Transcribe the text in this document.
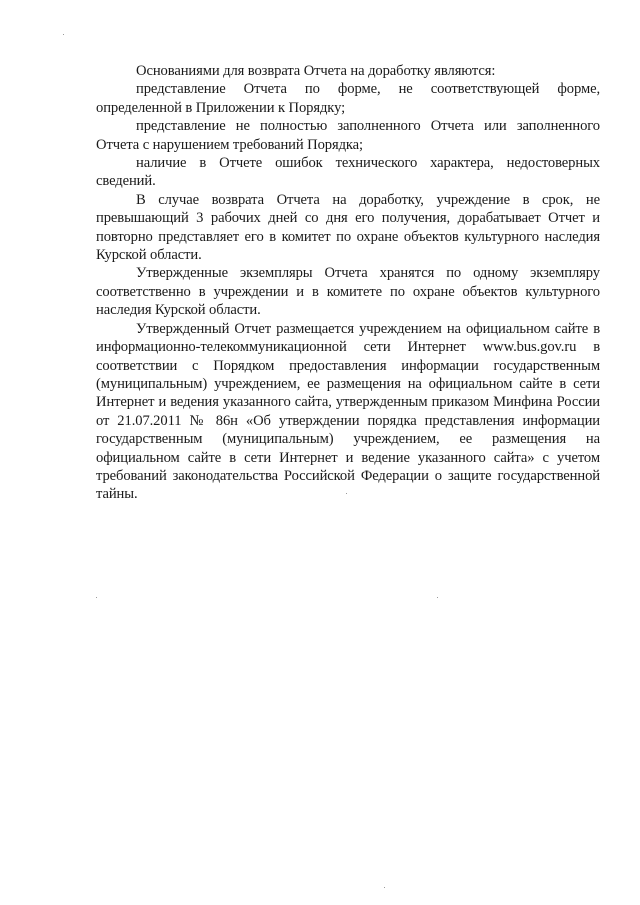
Основаниями для возврата Отчета на доработку являются:

представление Отчета по форме, не соответствующей форме, определенной в Приложении к Порядку;

представление не полностью заполненного Отчета или заполненного Отчета с нарушением требований Порядка;

наличие в Отчете ошибок технического характера, недостоверных сведений.

В случае возврата Отчета на доработку, учреждение в срок, не превышающий 3 рабочих дней со дня его получения, дорабатывает Отчет и повторно представляет его в комитет по охране объектов культурного наследия Курской области.

Утвержденные экземпляры Отчета хранятся по одному экземпляру соответственно в учреждении и в комитете по охране объектов культурного наследия Курской области.

Утвержденный Отчет размещается учреждением на официальном сайте в информационно-телекоммуникационной сети Интернет www.bus.gov.ru в соответствии с Порядком предоставления информации государственным (муниципальным) учреждением, ее размещения на официальном сайте в сети Интернет и ведения указанного сайта, утвержденным приказом Минфина России от 21.07.2011 № 86н «Об утверждении порядка представления информации государственным (муниципальным) учреждением, ее размещения на официальном сайте в сети Интернет и ведение указанного сайта» с учетом требований законодательства Российской Федерации о защите государственной тайны.
